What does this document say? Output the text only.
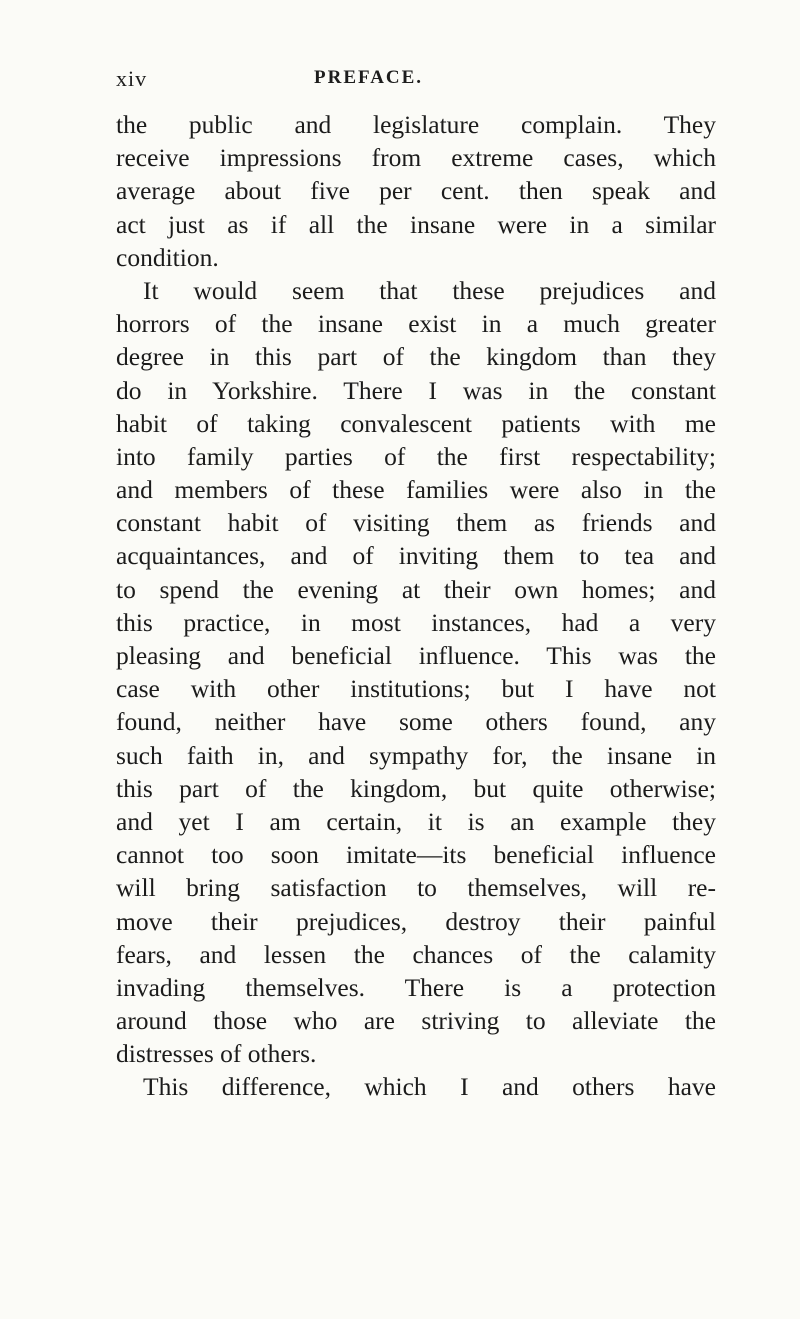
xiv	PREFACE.
the public and legislature complain. They
receive impressions from extreme cases, which
average about five per cent. then speak and
act just as if all the insane were in a similar
condition.
It would seem that these prejudices and
horrors of the insane exist in a much greater
degree in this part of the kingdom than they
do in Yorkshire. There I was in the constant
habit of taking convalescent patients with me
into family parties of the first respectability;
and members of these families were also in the
constant habit of visiting them as friends and
acquaintances, and of inviting them to tea and
to spend the evening at their own homes; and
this practice, in most instances, had a very
pleasing and beneficial influence. This was the
case with other institutions; but I have not
found, neither have some others found, any
such faith in, and sympathy for, the insane in
this part of the kingdom, but quite otherwise;
and yet I am certain, it is an example they
cannot too soon imitate—its beneficial influence
will bring satisfaction to themselves, will re-
move their prejudices, destroy their painful
fears, and lessen the chances of the calamity
invading themselves. There is a protection
around those who are striving to alleviate the
distresses of others.
This difference, which I and others have
